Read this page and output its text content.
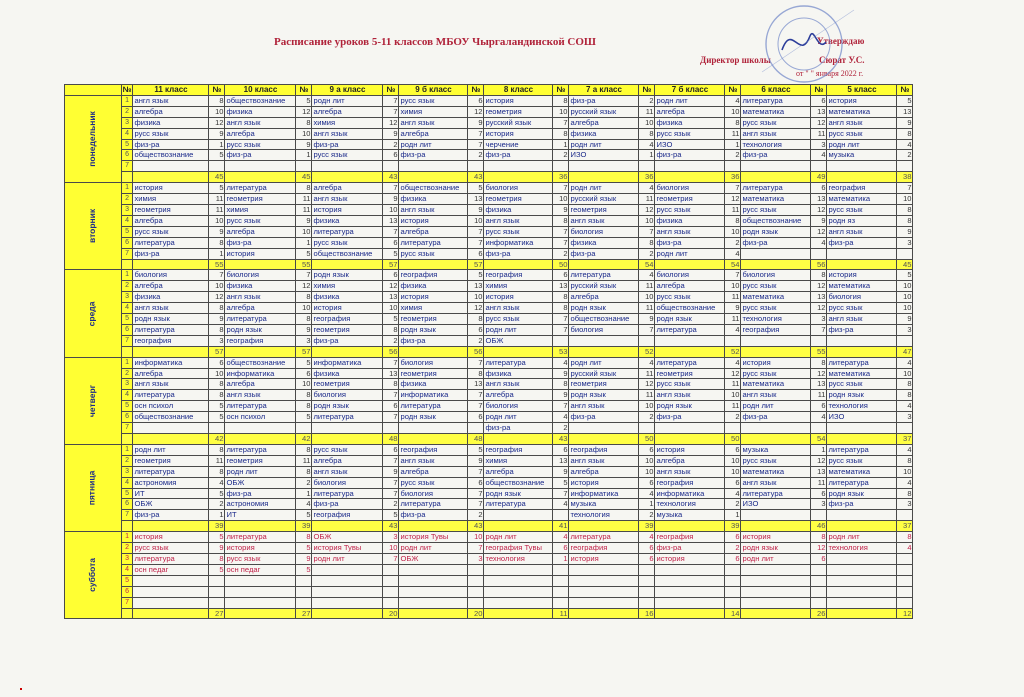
Расписание уроков 5-11 классов МБОУ Чыргаландинской СОШ	Утверждаю
Директор школы	Сюрат У.С.
от " " января 2022 г.
	№	11 класс	№	10 класс	№	9 а класс	№	9 б класс	№	8 класс	№	7 а класс	№	7 б класс	№	6 класс	№	5 класс	№
понедельник	1	англ язык	8	обществознание	5	родн лит	7	русс язык	6	история	8	физ-ра	2	родн лит	4	литература	6	история	5
	2	алгебра	10	физика	12	алгебра	7	химия	12	геометрия	10	русский язык	11	алгебра	10	математика	13	математика	13
	3	физика	12	англ язык	8	химия	12	англ язык	9	русский язык	7	алгебра	10	физика	8	русс язык	12	англ язык	9
	4	русс язык	9	алгебра	10	англ язык	9	алгебра	7	история	8	физика	8	русс язык	11	англ язык	11	русс язык	8
	5	физ-ра	1	русс язык	9	физ-ра	2	родн лит	7	черчение	1	родн лит	4	ИЗО	1	технология	3	родн лит	4
	6	обществознание	5	физ-ра	1	русс язык	6	физ-ра	2	физ-ра	2	ИЗО	1	физ-ра	2	физ-ра	4	музыка	2
	7																		
			45		45		43		43		36		36		36		49		38
вторник	1	история	5	литература	8	алгебра	7	обществознание	5	биология	7	родн лит	4	биология	7	литература	6	география	7
	2	химия	11	геометрия	11	англ язык	9	физика	13	геометрия	10	русский язык	11	геометрия	12	математика	13	математика	10
	3	геометрия	11	химия	11	история	10	англ язык	9	физика	9	геометрия	12	русс язык	11	русс язык	12	русс язык	8
	4	алгебра	10	русс язык	9	физика	13	история	10	англ язык	8	англ язык	10	физика	8	обществознание	9	родн яз	8
	5	русс язык	9	алгебра	10	литература	7	алгебра	7	русс язык	7	биология	7	англ язык	10	родн язык	12	англ язык	9
	6	литература	8	физ-ра	1	русс язык	6	литература	7	информатика	7	физика	8	физ-ра	2	физ-ра	4	физ-ра	3
	7	физ-ра	1	история	5	обществознание	5	русс язык	6	физ-ра	2	физ-ра	2	родн лит	4				
			55		55		57		57		50		54		54		56		45
среда	1	биология	7	биология	7	родн язык	6	география	5	география	6	литература	4	биология	7	биология	8	история	5
	2	алгебра	10	физика	12	химия	12	физика	13	химия	13	русский язык	11	алгебра	10	русс язык	12	математика	10
	3	физика	12	англ язык	8	физика	13	история	10	история	8	алгебра	10	русс язык	11	математика	13	биология	10
	4	англ язык	8	алгебра	10	история	10	химия	12	англ язык	8	родн язык	11	обществознание	9	русс язык	12	русс язык	10
	5	родн язык	9	литература	8	география	5	геометрия	8	русс язык	7	обществознание	9	родн язык	11	технология	3	англ язык	9
	6	литература	8	родн язык	9	геометрия	8	родн язык	6	родн лит	7	биология	7	литература	4	география	7	физ-ра	3
	7	география	3	география	3	физ-ра	2	физ-ра	2	ОБЖ									
			57		57		56		56		53		52		52		55		47
четверг	1	информатика	6	обществознание	5	информатика	7	биология	7	литература	4	родн лит	4	литература	4	история	8	литература	4
	2	алгебра	10	информатика	6	физика	13	геометрия	8	физика	9	русский язык	11	геометрия	12	русс язык	12	математика	10
	3	англ язык	8	алгебра	10	геометрия	8	физика	13	англ язык	8	геометрия	12	русс язык	11	математика	13	русс язык	8
	4	литература	8	англ язык	8	биология	7	информатика	7	алгебра	9	родн язык	11	англ язык	10	англ язык	11	родн язык	8
	5	осн психол	5	литература	8	родн язык	6	литература	7	биология	7	англ язык	10	родн язык	11	родн лит	6	технология	4
	6	обществознание	5	осн психол	5	литература	7	родн язык	6	родн лит	4	физ-ра	2	физ-ра	2	физ-ра	4	ИЗО	3
	7									физ-ра	2								
			42		42		48		48		43		50		50		54		37
пятница	1	родн лит	8	литература	8	русс язык	6	география	5	география	6	география	6	история	6	музыка	1	литература	4
	2	геометрия	11	геометрия	11	алгебра	7	англ язык	9	химия	13	англ язык	10	алгебра	10	русс язык	12	русс язык	8
	3	литература	8	родн лит	8	англ язык	9	алгебра	7	алгебра	9	алгебра	10	англ язык	10	математика	13	математика	10
	4	астрономия	4	ОБЖ	2	биология	7	русс язык	6	обществознание	5	история	6	география	6	англ язык	11	литература	4
	5	ИТ	5	физ-ра	1	литература	7	биология	7	родн язык	7	информатика	4	информатика	4	литература	6	родн язык	8
	6	ОБЖ	2	астрономия	4	физ-ра	2	литература	7	литература	4	музыка	1	технология	2	ИЗО	3	физ-ра	3
	7	физ-ра	1	ИТ	5	география	5	физ-ра	2			технология	2	музыка	1				
			39		39		43		43		41		39		39		46		37
суббота	1	история	5	литература	8	ОБЖ	3	история Тувы	10	родн лит	4	литература	4	география	6	история	8	родн лит	8
	2	русс язык	9	история	5	история Тувы	10	родн лит	7	география Тувы	6	география	6	физ-ра	2	родн язык	12	технология	4
	3	литература	8	русс язык	9	родн лит	7	ОБЖ	3	технология	1	история	6	история	6	родн лит	6		
	4	осн педаг	5	осн педаг	5														
	5																		
	6																		
	7																		
			27		27		20		20		11		16		14		26		12
